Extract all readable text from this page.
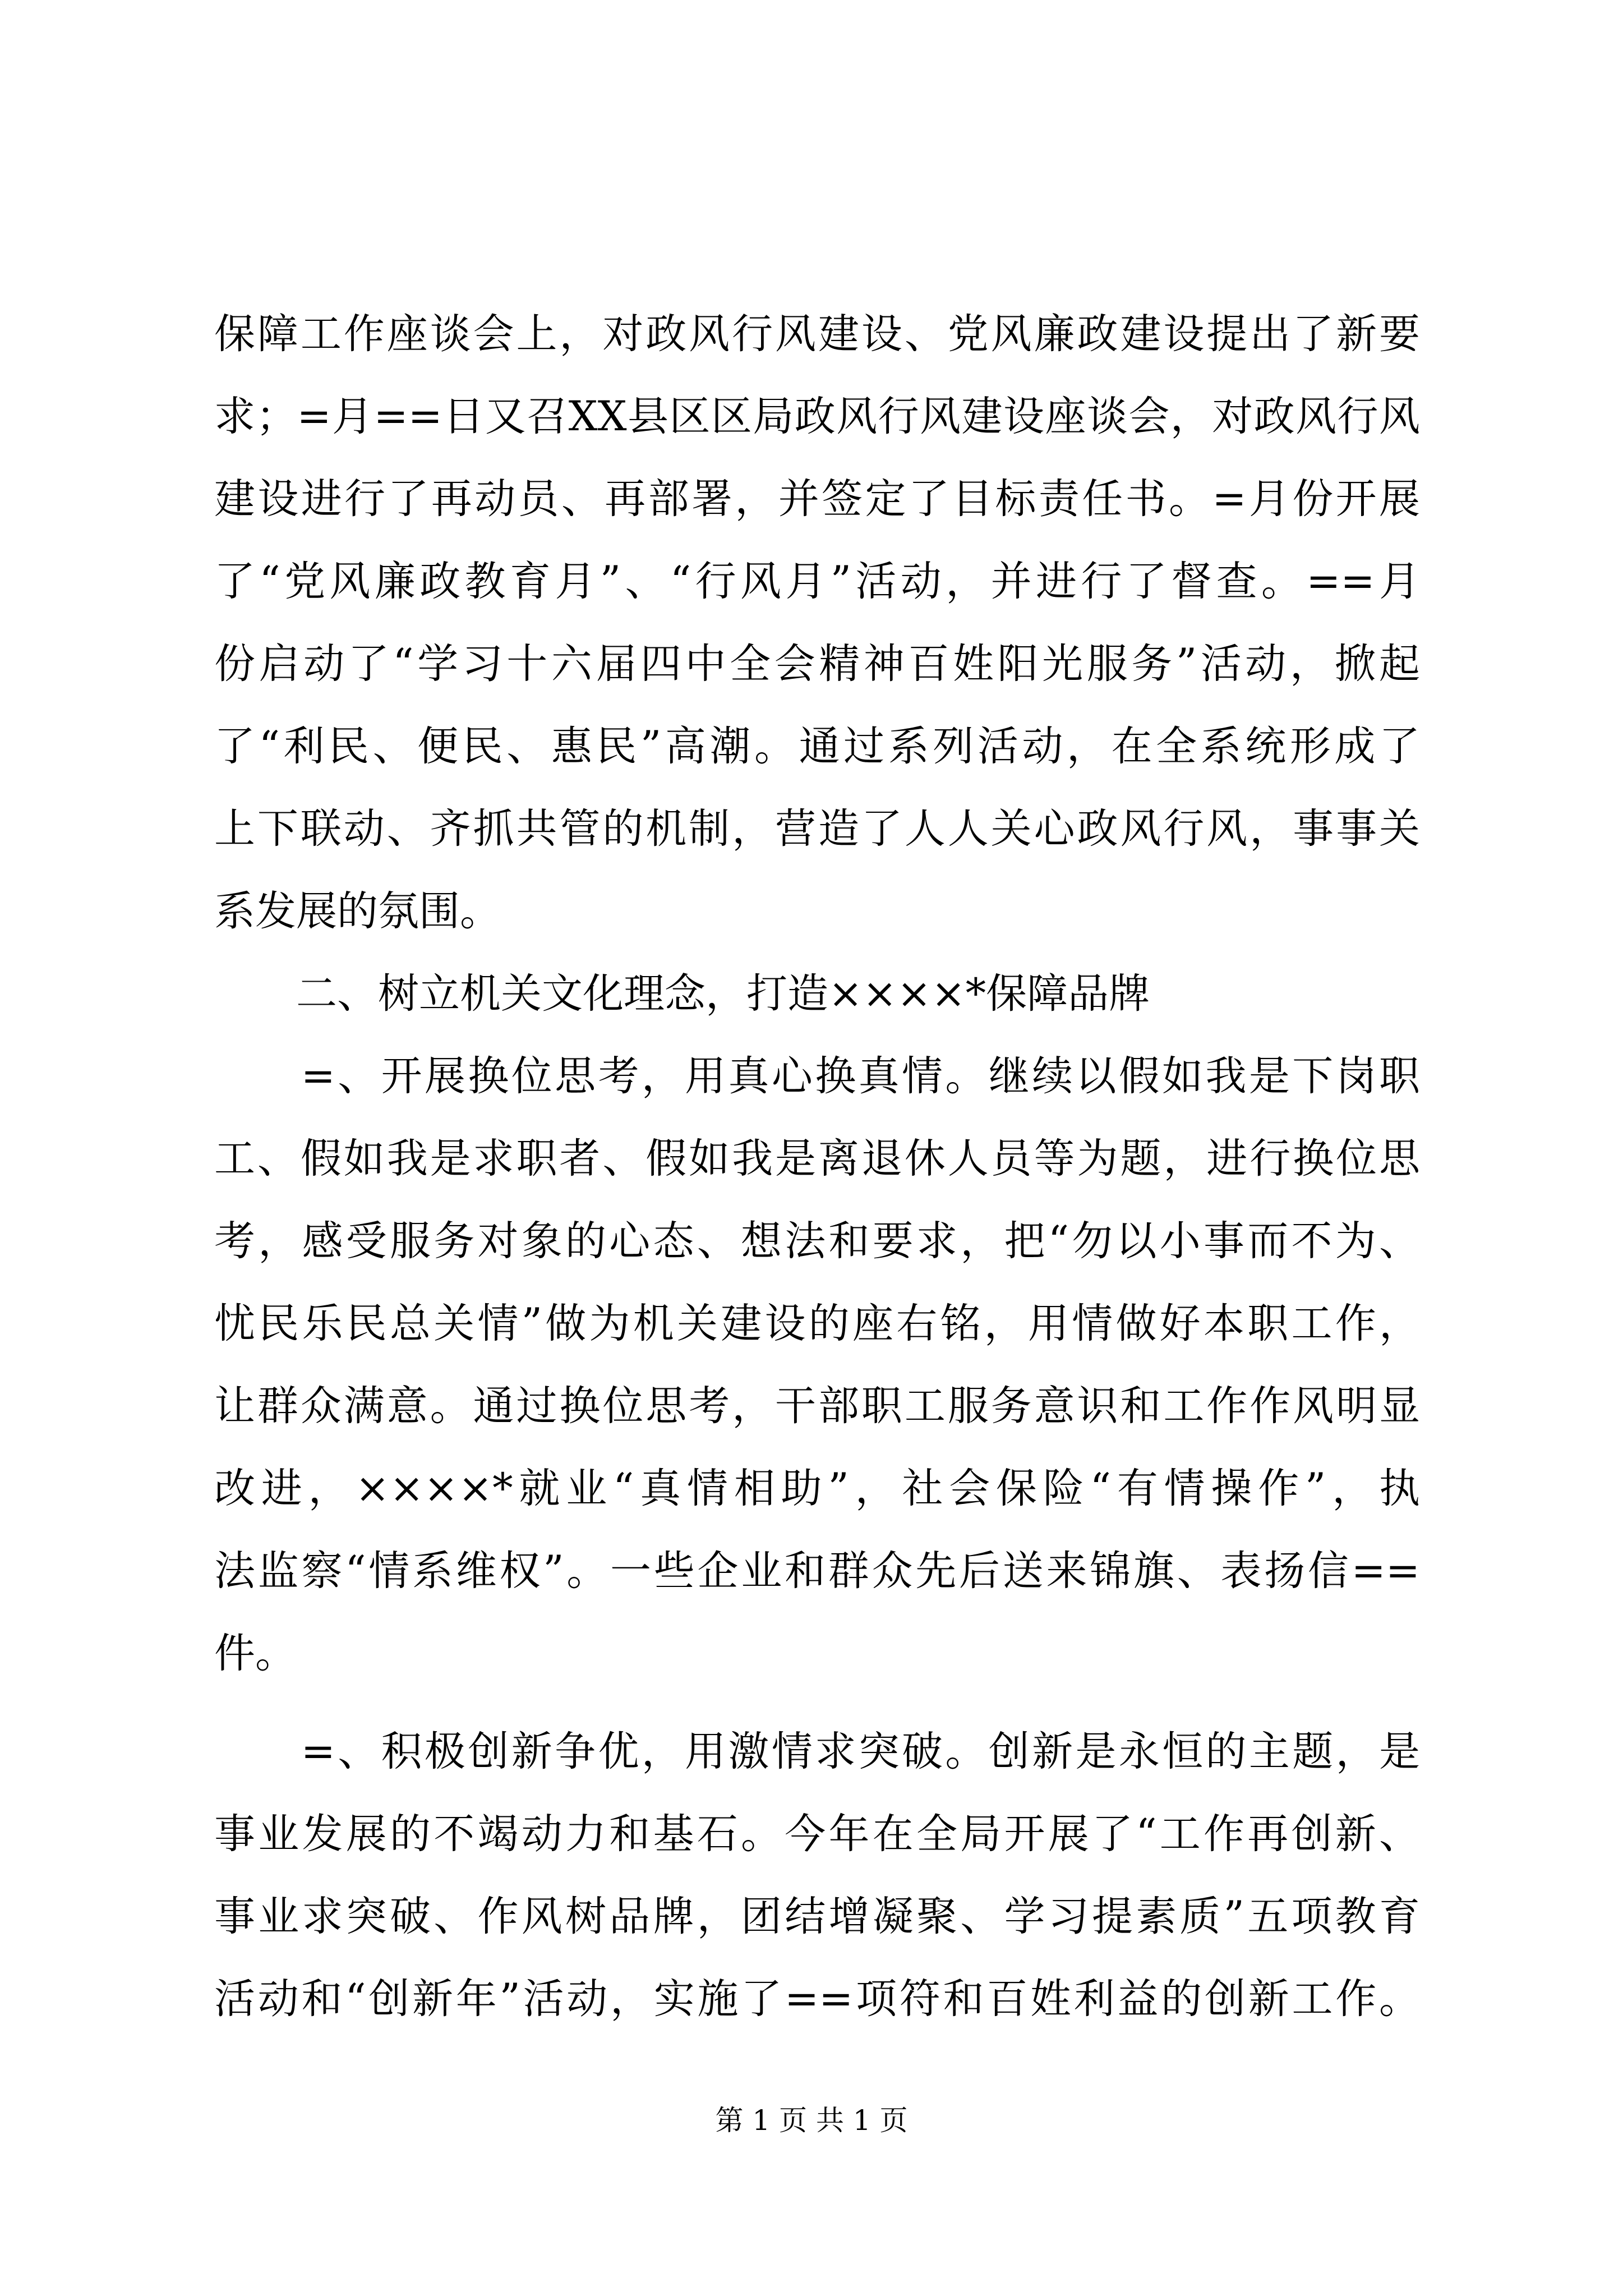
保障工作座谈会上，对政风行风建设、党风廉政建设提出了新要

求；=月==日又召XX县区区局政风行风建设座谈会，对政风行风

建设进行了再动员、再部署，并签定了目标责任书。=月份开展

了“党风廉政教育月”、“行风月”活动，并进行了督查。==月

份启动了“学习十六届四中全会精神百姓阳光服务”活动，掀起

了“利民、便民、惠民”高潮。通过系列活动，在全系统形成了

上下联动、齐抓共管的机制，营造了人人关心政风行风，事事关

系发展的氛围。

　　二、树立机关文化理念，打造××××*保障品牌

　　=、开展换位思考，用真心换真情。继续以假如我是下岗职

工、假如我是求职者、假如我是离退休人员等为题，进行换位思

考，感受服务对象的心态、想法和要求，把“勿以小事而不为、

忧民乐民总关情”做为机关建设的座右铭，用情做好本职工作，

让群众满意。通过换位思考，干部职工服务意识和工作作风明显

改进，××××*就业“真情相助”，社会保险“有情操作”，执

法监察“情系维权”。一些企业和群众先后送来锦旗、表扬信==

件。

　　=、积极创新争优，用激情求突破。创新是永恒的主题，是

事业发展的不竭动力和基石。今年在全局开展了“工作再创新、

事业求突破、作风树品牌，团结增凝聚、学习提素质”五项教育

活动和“创新年”活动，实施了==项符和百姓利益的创新工作。

第 1 页 共 1 页
